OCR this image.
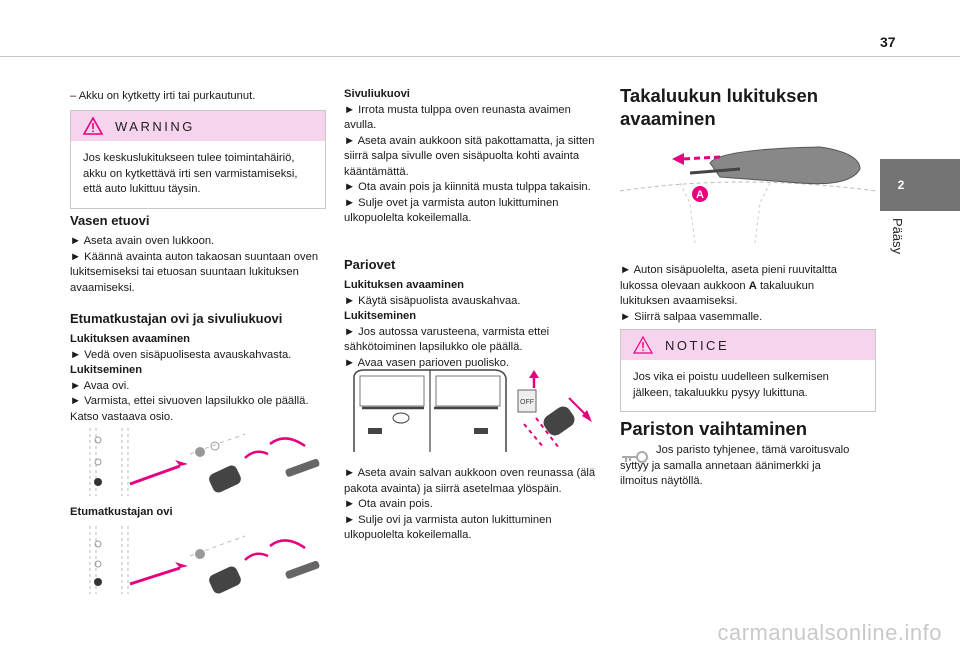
37
2
Pääsy
– Akku on kytketty irti tai purkautunut.
WARNING
Jos keskuslukitukseen tulee toimintahäiriö, akku on kytkettävä irti sen varmistamiseksi, että auto lukittuu täysin.
Vasen etuovi

► Aseta avain oven lukkoon.

► Käännä avainta auton takaosan suuntaan oven lukitsemiseksi tai etuosan suuntaan lukituksen avaamiseksi.

Etumatkustajan ovi ja sivuliukuovi

Lukituksen avaaminen

► Vedä oven sisäpuolisesta avauskahvasta.

Lukitseminen

► Avaa ovi.

► Varmista, ettei sivuoven lapsilukko ole päällä. Katso vastaava osio.

Etumatkustajan ovi

Sivuliukuovi

► Irrota musta tulppa oven reunasta avaimen avulla.

► Aseta avain aukkoon sitä pakottamatta, ja sitten siirrä salpa sivulle oven sisäpuolta kohti avainta kääntämättä.

► Ota avain pois ja kiinnitä musta tulppa takaisin.

► Sulje ovet ja varmista auton lukittuminen ulkopuolelta kokeilemalla.

Pariovet

Lukituksen avaaminen

► Käytä sisäpuolista avauskahvaa.

Lukitseminen

► Jos autossa varusteena, varmista ettei sähkötoiminen lapsilukko ole päällä.

► Avaa vasen parioven puolisko.

OFF

► Aseta avain salvan aukkoon oven reunassa (älä pakota avainta) ja siirrä asetelmaa ylöspäin.

► Ota avain pois.

► Sulje ovi ja varmista auton lukittuminen ulkopuolelta kokeilemalla.

Takaluukun lukituksen avaaminen
A

► Auton sisäpuolelta, aseta pieni ruuvitaltta lukossa olevaan aukkoon A takaluukun lukituksen avaamiseksi.

► Siirrä salpaa vasemmalle.

NOTICE
Jos vika ei poistu uudelleen sulkemisen jälkeen, takaluukku pysyy lukittuna.
Pariston vaihtaminen
Jos paristo tyhjenee, tämä varoitusvalo syttyy ja samalla annetaan äänimerkki ja ilmoitus näytöllä.
carmanualsonline.info
